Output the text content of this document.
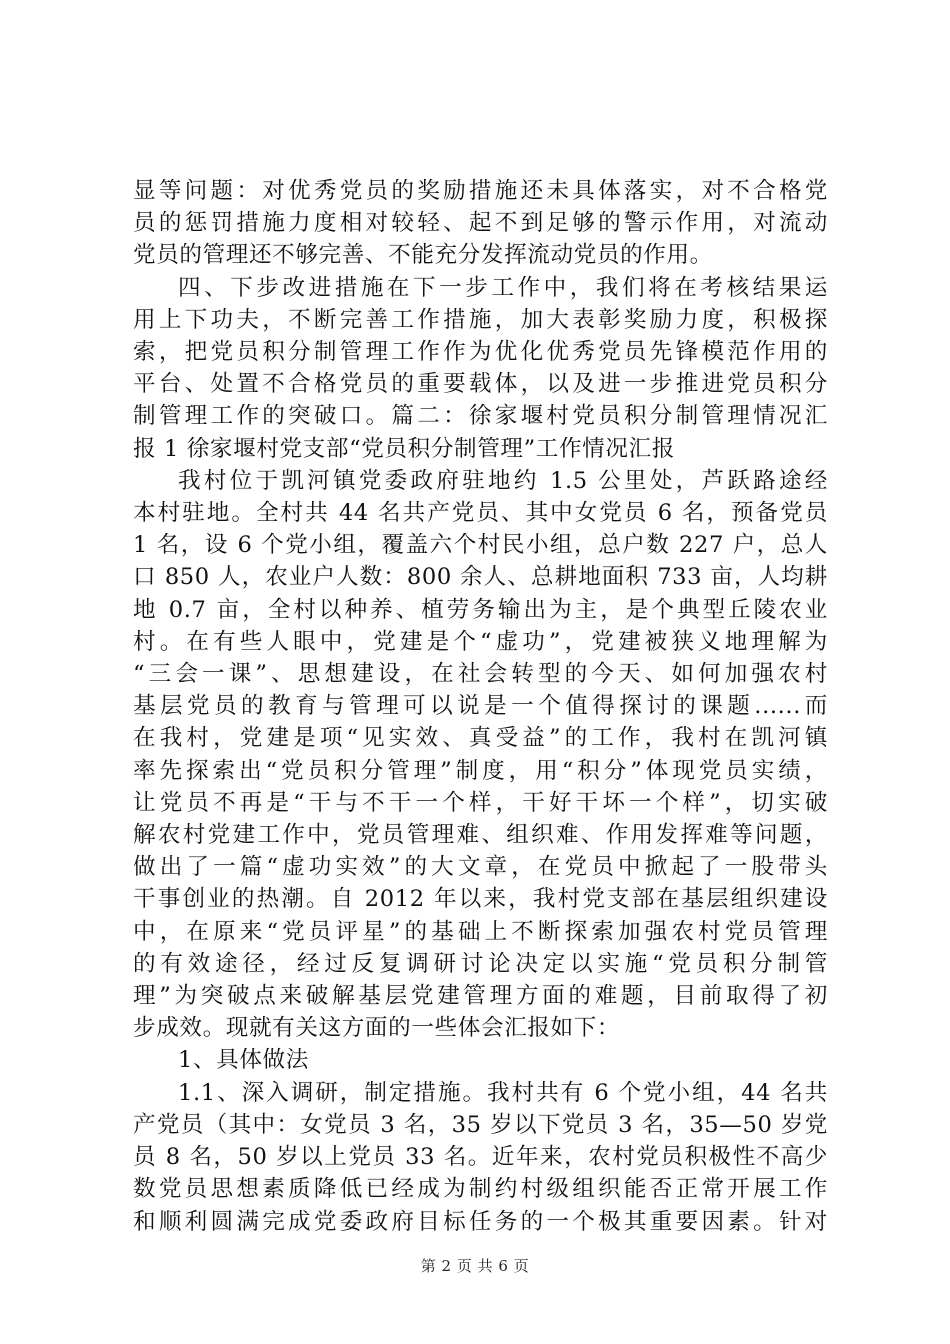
显等问题：对优秀党员的奖励措施还未具体落实，对不合格党

员的惩罚措施力度相对较轻、起不到足够的警示作用，对流动

党员的管理还不够完善、不能充分发挥流动党员的作用。

四、下步改进措施在下一步工作中，我们将在考核结果运

用上下功夫，不断完善工作措施，加大表彰奖励力度，积极探

索，把党员积分制管理工作作为优化优秀党员先锋模范作用的

平台、处置不合格党员的重要载体，以及进一步推进党员积分

制管理工作的突破口。篇二：徐家堰村党员积分制管理情况汇

报 1 徐家堰村党支部“党员积分制管理”工作情况汇报

我村位于凯河镇党委政府驻地约 1.5 公里处，芦跃路途经

本村驻地。全村共 44 名共产党员、其中女党员 6 名，预备党员

1 名，设 6 个党小组，覆盖六个村民小组，总户数 227 户，总人

口 850 人，农业户人数：800 余人、总耕地面积 733 亩，人均耕

地 0.7 亩，全村以种养、植劳务输出为主，是个典型丘陵农业

村。在有些人眼中，党建是个“虚功”，党建被狭义地理解为

“三会一课”、思想建设，在社会转型的今天、如何加强农村

基层党员的教育与管理可以说是一个值得探讨的课题......而

在我村，党建是项“见实效、真受益”的工作，我村在凯河镇

率先探索出“党员积分管理”制度，用“积分”体现党员实绩，

让党员不再是“干与不干一个样，干好干坏一个样”，切实破

解农村党建工作中，党员管理难、组织难、作用发挥难等问题，

做出了一篇“虚功实效”的大文章，在党员中掀起了一股带头

干事创业的热潮。自 2012 年以来，我村党支部在基层组织建设

中，在原来“党员评星”的基础上不断探索加强农村党员管理

的有效途径，经过反复调研讨论决定以实施“党员积分制管

理”为突破点来破解基层党建管理方面的难题，目前取得了初

步成效。现就有关这方面的一些体会汇报如下：

1、具体做法

1.1、深入调研，制定措施。我村共有 6 个党小组，44 名共

产党员（其中：女党员 3 名，35 岁以下党员 3 名，35—50 岁党

员 8 名，50 岁以上党员 33 名。近年来，农村党员积极性不高少

数党员思想素质降低已经成为制约村级组织能否正常开展工作

和顺利圆满完成党委政府目标任务的一个极其重要因素。针对

第 2 页 共 6 页
